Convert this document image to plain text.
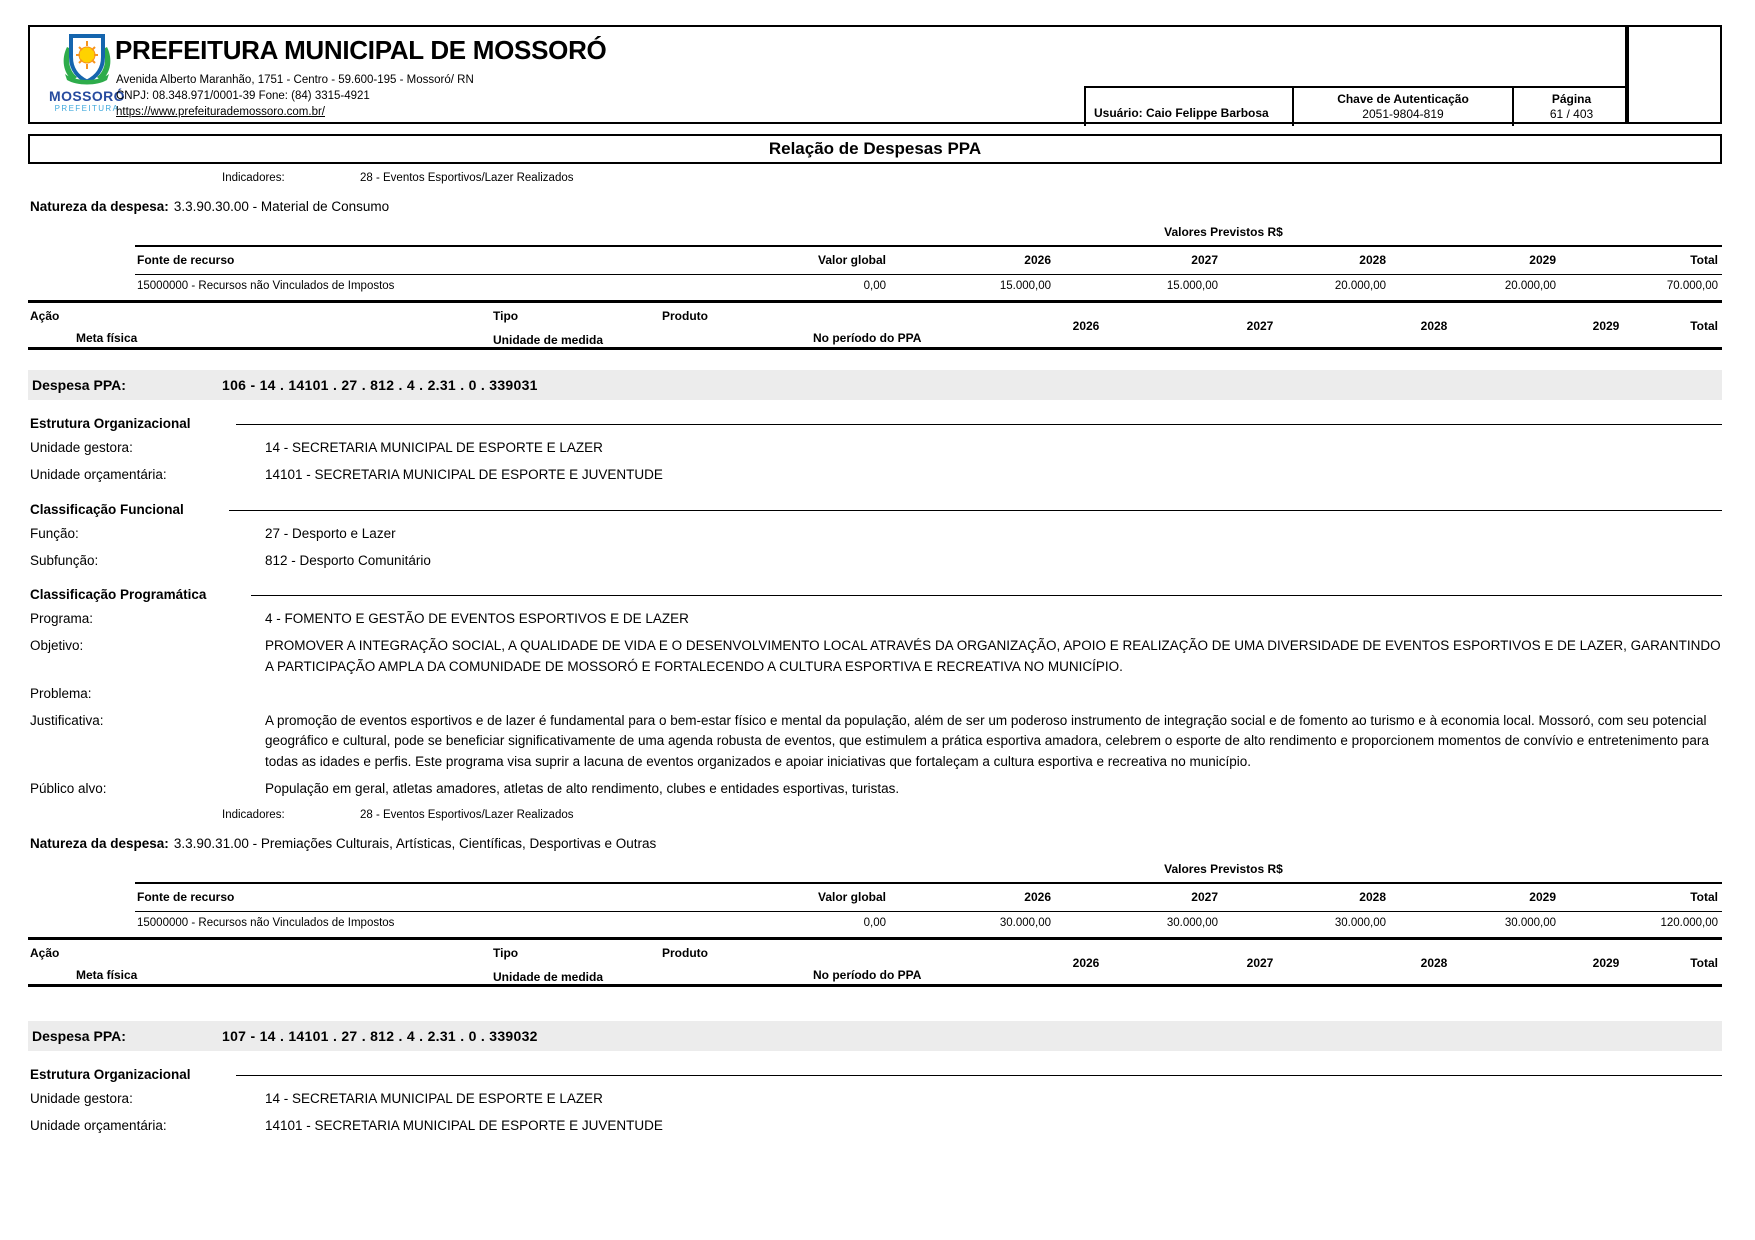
MOSSORÓ
PREFEITURA
PREFEITURA MUNICIPAL DE MOSSORÓ
Avenida Alberto Maranhão, 1751 - Centro - 59.600-195 - Mossoró/ RN
CNPJ: 08.348.971/0001-39 Fone: (84) 3315-4921
https://www.prefeiturademossoro.com.br/	Usuário: Caio Felippe Barbosa
Chave de Autenticação
2051-9804-819
Página
61 / 403
Relação de Despesas PPA
Indicadores:	28 - Eventos Esportivos/Lazer Realizados
Natureza da despesa: 3.3.90.30.00 - Material de Consumo
Valores Previstos R$
Fonte de recurso	Valor global	2026	2027	2028	2029	Total
15000000 - Recursos não Vinculados de Impostos	0,00	15.000,00	15.000,00	20.000,00	20.000,00	70.000,00
Ação	Tipo	Produto
Meta física	Unidade de medida	No período do PPA
2026	2027	2028	2029	Total
Despesa PPA:	106 - 14 . 14101 . 27 . 812 . 4 . 2.31 . 0 . 339031
Estrutura Organizacional
Unidade gestora:	14 - SECRETARIA MUNICIPAL DE ESPORTE E LAZER
Unidade orçamentária:	14101 - SECRETARIA MUNICIPAL DE ESPORTE E JUVENTUDE
Classificação Funcional
Função:	27 - Desporto e Lazer
Subfunção:	812 - Desporto Comunitário
Classificação Programática
Programa:	4 - FOMENTO E GESTÃO DE EVENTOS ESPORTIVOS E DE LAZER
Objetivo:	PROMOVER A INTEGRAÇÃO SOCIAL, A QUALIDADE DE VIDA E O DESENVOLVIMENTO LOCAL ATRAVÉS DA ORGANIZAÇÃO, APOIO E REALIZAÇÃO DE UMA DIVERSIDADE DE EVENTOS ESPORTIVOS E DE LAZER, GARANTINDO A PARTICIPAÇÃO AMPLA DA COMUNIDADE DE MOSSORÓ E FORTALECENDO A CULTURA ESPORTIVA E RECREATIVA NO MUNICÍPIO.
Problema:
Justificativa:	A promoção de eventos esportivos e de lazer é fundamental para o bem-estar físico e mental da população, além de ser um poderoso instrumento de integração social e de fomento ao turismo e à economia local. Mossoró, com seu potencial geográfico e cultural, pode se beneficiar significativamente de uma agenda robusta de eventos, que estimulem a prática esportiva amadora, celebrem o esporte de alto rendimento e proporcionem momentos de convívio e entretenimento para todas as idades e perfis. Este programa visa suprir a lacuna de eventos organizados e apoiar iniciativas que fortaleçam a cultura esportiva e recreativa no município.
Público alvo:	População em geral, atletas amadores, atletas de alto rendimento, clubes e entidades esportivas, turistas.
Indicadores:	28 - Eventos Esportivos/Lazer Realizados
Natureza da despesa: 3.3.90.31.00 - Premiações Culturais, Artísticas, Científicas, Desportivas e Outras
Valores Previstos R$
Fonte de recurso	Valor global	2026	2027	2028	2029	Total
15000000 - Recursos não Vinculados de Impostos	0,00	30.000,00	30.000,00	30.000,00	30.000,00	120.000,00
Ação	Tipo	Produto
Meta física	Unidade de medida	No período do PPA
2026	2027	2028	2029	Total
Despesa PPA:	107 - 14 . 14101 . 27 . 812 . 4 . 2.31 . 0 . 339032
Estrutura Organizacional
Unidade gestora:	14 - SECRETARIA MUNICIPAL DE ESPORTE E LAZER
Unidade orçamentária:	14101 - SECRETARIA MUNICIPAL DE ESPORTE E JUVENTUDE
